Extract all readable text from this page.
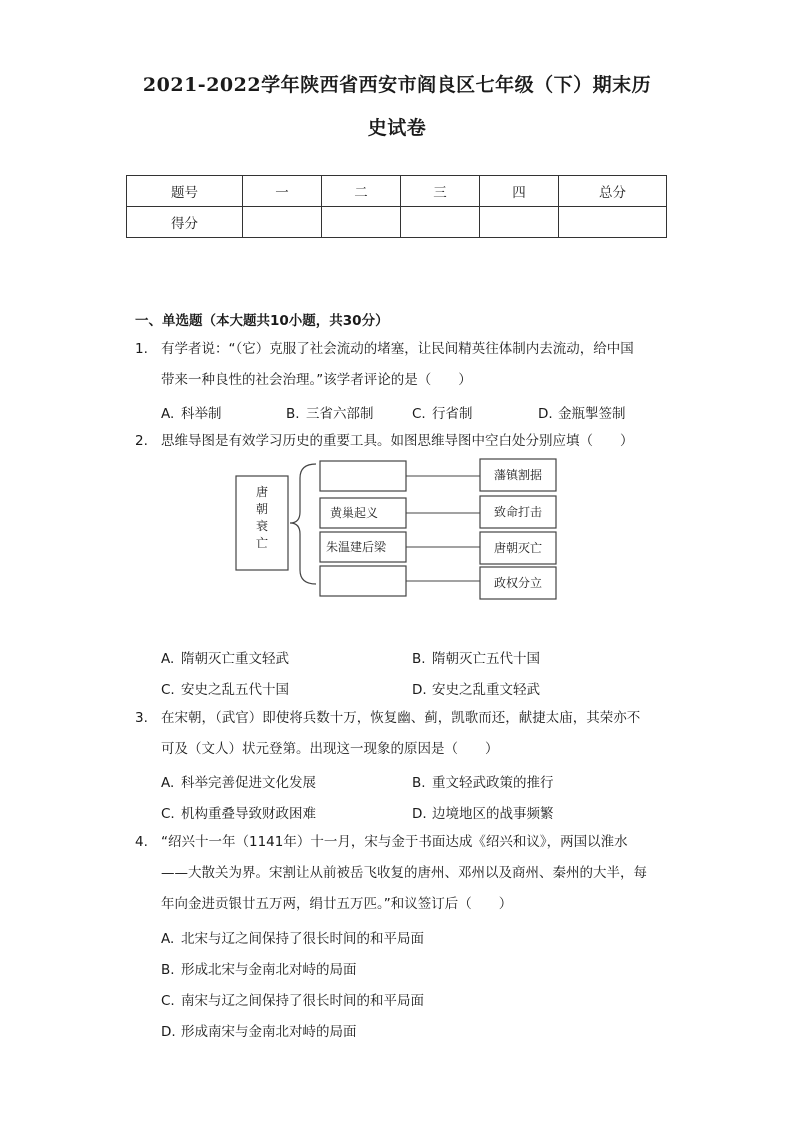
2021-2022学年陕西省西安市阎良区七年级（下）期末历
史试卷
题号	一	二	三	四	总分
得分					
一、单选题（本大题共10小题，共30分）
1. 有学者说：“（它）克服了社会流动的堵塞，让民间精英往体制内去流动，给中国
带来一种良性的社会治理。”该学者评论的是（　　）
A. 科举制	B. 三省六部制	C. 行省制	D. 金瓶掣签制
2. 思维导图是有效学习历史的重要工具。如图思维导图中空白处分别应填（　　）
唐
朝
衰
亡
黄巢起义
朱温建后梁
藩镇割据
致命打击
唐朝灭亡
政权分立
A. 隋朝灭亡重文轻武	B. 隋朝灭亡五代十国
C. 安史之乱五代十国	D. 安史之乱重文轻武
3. 在宋朝，（武官）即使将兵数十万，恢复幽、蓟，凯歌而还，献捷太庙，其荣亦不
可及（文人）状元登第。出现这一现象的原因是（　　）
A. 科举完善促进文化发展	B. 重文轻武政策的推行
C. 机构重叠导致财政困难	D. 边境地区的战事频繁
4. “绍兴十一年（1141年）十一月，宋与金于书面达成《绍兴和议》，两国以淮水
——大散关为界。宋割让从前被岳飞收复的唐州、邓州以及商州、秦州的大半，每
年向金进贡银廿五万两，绢廿五万匹。”和议签订后（　　）
A. 北宋与辽之间保持了很长时间的和平局面
B. 形成北宋与金南北对峙的局面
C. 南宋与辽之间保持了很长时间的和平局面
D. 形成南宋与金南北对峙的局面
